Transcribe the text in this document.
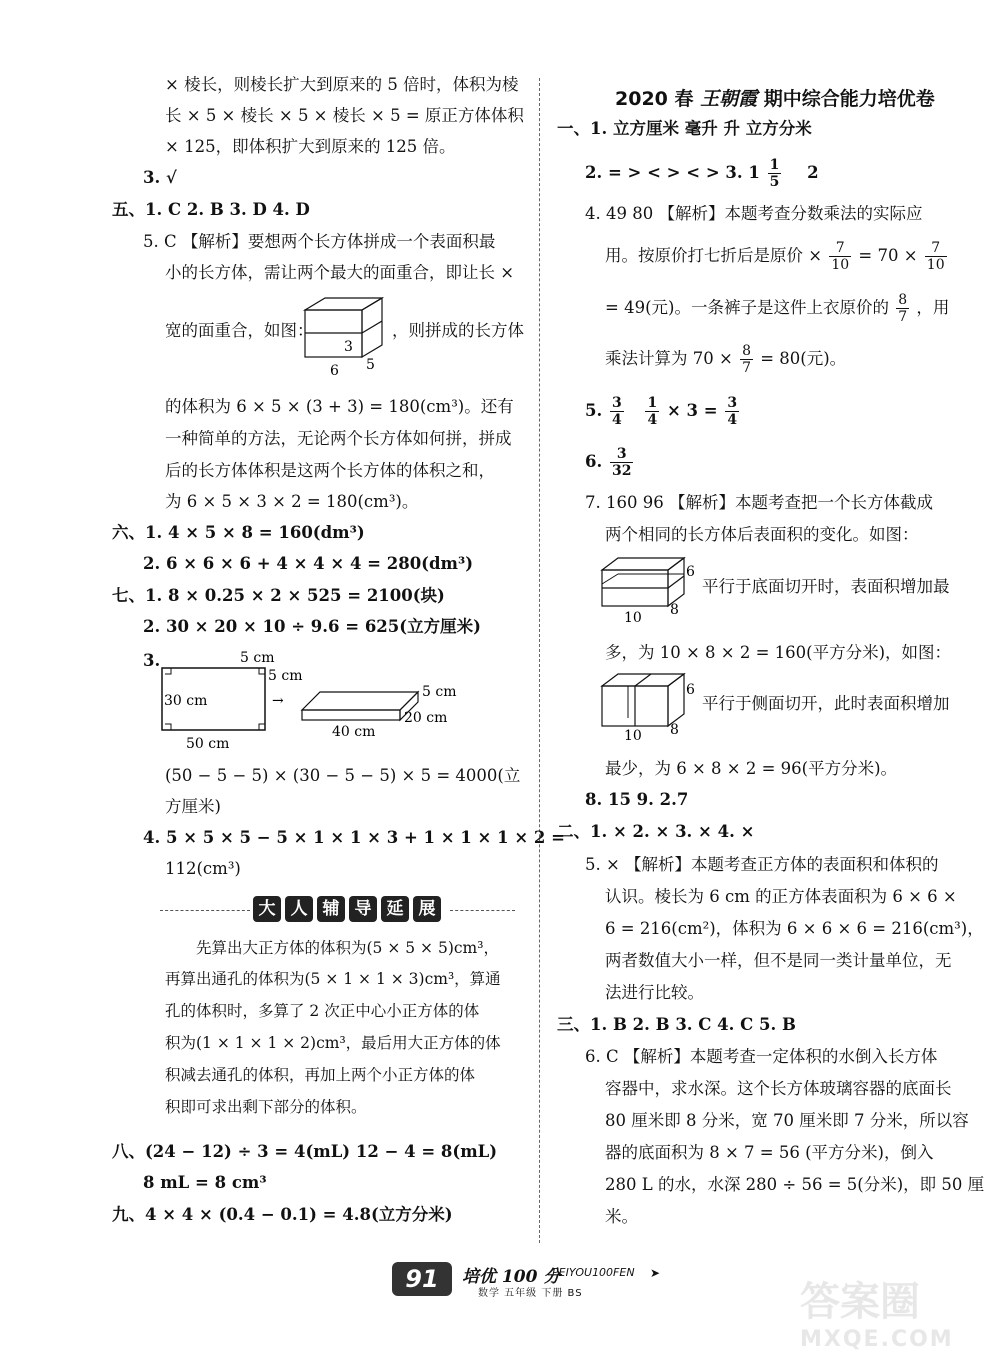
× 棱长，则棱长扩大到原来的 5 倍时，体积为棱
长 × 5 × 棱长 × 5 × 棱长 × 5 = 原正方体体积
× 125，即体积扩大到原来的 125 倍。
3. √
五、1. C 2. B 3. D 4. D
5. C 【解析】要想两个长方体拼成一个表面积最
小的长方体，需让两个最大的面重合，即让长 ×
宽的面重合，如图：
3
6 5
，则拼成的长方体
的体积为 6 × 5 × (3 + 3) = 180(cm³)。还有
一种简单的方法，无论两个长方体如何拼，拼成
后的长方体体积是这两个长方体的体积之和，
为 6 × 5 × 3 × 2 = 180(cm³)。
六、1. 4 × 5 × 8 = 160(dm³)
2. 6 × 6 × 6 + 4 × 4 × 4 = 280(dm³)
七、1. 8 × 0.25 × 2 × 525 = 2100(块)
2. 30 × 20 × 10 ÷ 9.6 = 625(立方厘米)
3.	5 cm
5 cm
30 cm
50 cm
→
5 cm
20 cm
40 cm
(50 − 5 − 5) × (30 − 5 − 5) × 5 = 4000(立
方厘米)
4. 5 × 5 × 5 − 5 × 1 × 1 × 3 + 1 × 1 × 1 × 2 =
112(cm³)
大 人 辅 导 延 展
先算出大正方体的体积为(5 × 5 × 5)cm³，
再算出通孔的体积为(5 × 1 × 1 × 3)cm³，算通
孔的体积时，多算了 2 次正中心小正方体的体
积为(1 × 1 × 1 × 2)cm³，最后用大正方体的体
积减去通孔的体积，再加上两个小正方体的体
积即可求出剩下部分的体积。
八、(24 − 12) ÷ 3 = 4(mL) 12 − 4 = 8(mL)
8 mL = 8 cm³
九、4 × 4 × (0.4 − 0.1) = 4.8(立方分米)
2020 春 王朝霞 期中综合能力培优卷
一、1. 立方厘米 毫升 升 立方分米
2. = > < > < > 3. $1 \frac{1}{5} 2$
4. 49 80 【解析】本题考查分数乘法的实际应
用。按原价打七折后是原价 × $\frac{7}{10} = 70 \times \frac{7}{10}$
= 49(元)。一条裤子是这件上衣原价的 $\frac{8}{7}$ ，用
乘法计算为 $70 \times \frac{8}{7} = 80$(元)。
5. $\frac{3}{4}$
$\frac{1}{4} \times 3 = \frac{3}{4}$
6. $\frac{3}{32}$
7. 160 96 【解析】本题考查把一个长方体截成
两个相同的长方体后表面积的变化。如图：
6
8
10
平行于底面切开时，表面积增加最
多，为 10 × 8 × 2 = 160(平方分米)，如图：
6
8
10
平行于侧面切开，此时表面积增加
最少，为 6 × 8 × 2 = 96(平方分米)。
8. 15 9. 2.7
二、1. × 2. × 3. × 4. ×
5. × 【解析】本题考查正方体的表面积和体积的
认识。棱长为 6 cm 的正方体表面积为 6 × 6 ×
6 = 216(cm²)，体积为 6 × 6 × 6 = 216(cm³)，
两者数值大小一样，但不是同一类计量单位，无
法进行比较。
三、1. B 2. B 3. C 4. C 5. B
6. C 【解析】本题考查一定体积的水倒入长方体
容器中，求水深。这个长方体玻璃容器的底面长
80 厘米即 8 分米，宽 70 厘米即 7 分米，所以容
器的底面积为 8 × 7 = 56 (平方分米)，倒入
280 L 的水，水深 280 ÷ 56 = 5(分米)，即 50 厘
米。
91	培优 100 分
PEIYOU100FEN
数学 五年级 下册 BS
➤
答案圈
MXQE.COM
